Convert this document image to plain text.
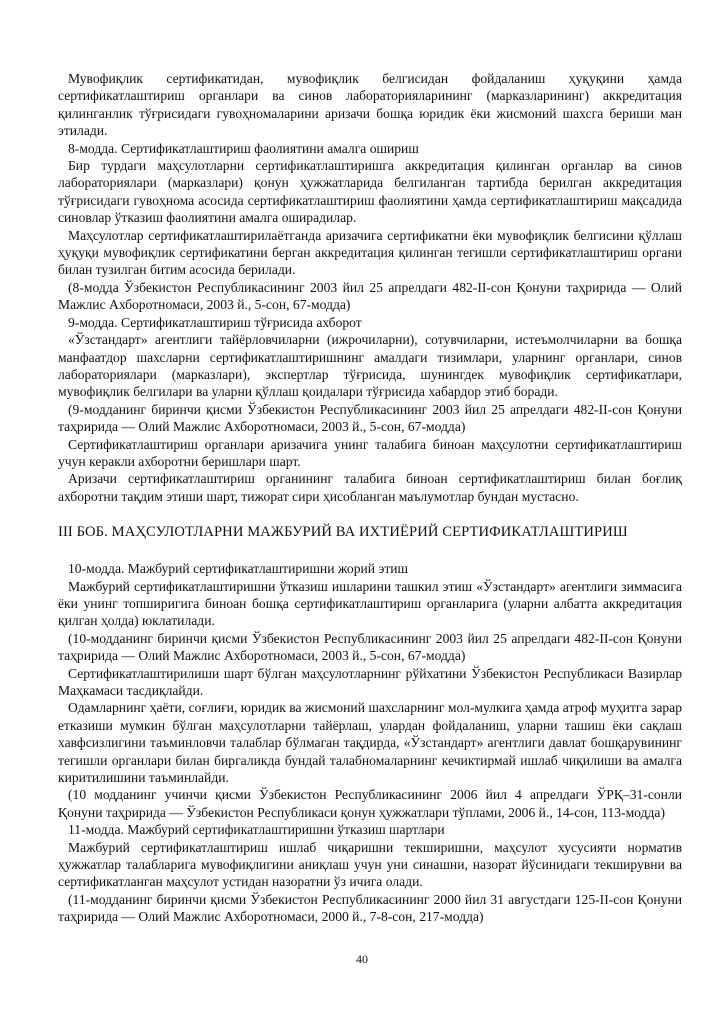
Мувофиқлик сертификатидан, мувофиқлик белгисидан фойдаланиш ҳуқуқини ҳамда сертификатлаштириш органлари ва синов лабораторияларининг (марказларининг) аккредитация қилинганлик тўғрисидаги гувоҳномаларини аризачи бошқа юридик ёки жисмоний шахсга бериши ман этилади.

8-модда. Сертификатлаштириш фаолиятини амалга ошириш

Бир турдаги маҳсулотларни сертификатлаштиришга аккредитация қилинган органлар ва синов лабораториялари (марказлари) қонун ҳужжатларида белгиланган тартибда берилган аккредитация тўғрисидаги гувоҳнома асосида сертификатлаштириш фаолиятини ҳамда сертификатлаштириш мақсадида синовлар ўтказиш фаолиятини амалга оширадилар.

Маҳсулотлар сертификатлаштирилаётганда аризачига сертификатни ёки мувофиқлик белгисини қўллаш ҳуқуқи мувофиқлик сертификатини берган аккредитация қилинган тегишли сертификатлаштириш органи билан тузилган битим асосида берилади.

(8-модда Ўзбекистон Республикасининг 2003 йил 25 апрелдаги 482-II-сон Қонуни таҳририда — Олий Мажлис Ахборотномаси, 2003 й., 5-сон, 67-модда)

9-модда. Сертификатлаштириш тўғрисида ахборот

«Ўзстандарт» агентлиги тайёрловчиларни (ижрочиларни), сотувчиларни, истеъмолчиларни ва бошқа манфаатдор шахсларни сертификатлаштиришнинг амалдаги тизимлари, уларнинг органлари, синов лабораториялари (марказлари), экспертлар тўғрисида, шунингдек мувофиқлик сертификатлари, мувофиқлик белгилари ва уларни қўллаш қоидалари тўғрисида хабардор этиб боради.

(9-модданинг биринчи қисми Ўзбекистон Республикасининг 2003 йил 25 апрелдаги 482-II-сон Қонуни таҳририда — Олий Мажлис Ахборотномаси, 2003 й., 5-сон, 67-модда)

Сертификатлаштириш органлари аризачига унинг талабига биноан маҳсулотни сертификатлаштириш учун керакли ахборотни беришлари шарт.

Аризачи сертификатлаштириш органининг талабига биноан сертификатлаштириш билан боғлиқ ахборотни тақдим этиши шарт, тижорат сири ҳисобланган маълумотлар бундан мустасно.

III БОБ. МАҲСУЛОТЛАРНИ МАЖБУРИЙ ВА ИХТИЁРИЙ СЕРТИФИКАТЛАШТИРИШ

10-модда. Мажбурий сертификатлаштиришни жорий этиш

Мажбурий сертификатлаштиришни ўтказиш ишларини ташкил этиш «Ўзстандарт» агентлиги зиммасига ёки унинг топширигига биноан бошқа сертификатлаштириш органларига (уларни албатта аккредитация қилган ҳолда) юклатилади.

(10-модданинг биринчи қисми Ўзбекистон Республикасининг 2003 йил 25 апрелдаги 482-II-сон Қонуни таҳририда — Олий Мажлис Ахборотномаси, 2003 й., 5-сон, 67-модда)

Сертификатлаштирилиши шарт бўлган маҳсулотларнинг рўйхатини Ўзбекистон Республикаси Вазирлар Маҳкамаси тасдиқлайди.

Одамларнинг ҳаёти, соғлиғи, юридик ва жисмоний шахсларнинг мол-мулкига ҳамда атроф муҳитга зарар етказиши мумкин бўлган маҳсулотларни тайёрлаш, улардан фойдаланиш, уларни ташиш ёки сақлаш хавфсизлигини таъминловчи талаблар бўлмаган тақдирда, «Ўзстандарт» агентлиги давлат бошқарувининг тегишли органлари билан биргаликда бундай талабномаларнинг кечиктирмай ишлаб чиқилиши ва амалга киритилишини таъминлайди.

(10 модданинг учинчи қисми Ўзбекистон Республикасининг 2006 йил 4 апрелдаги ЎРҚ–31-сонли Қонуни таҳририда — Ўзбекистон Республикаси қонун ҳужжатлари тўплами, 2006 й., 14-сон, 113-модда)

11-модда. Мажбурий сертификатлаштиришни ўтказиш шартлари

Мажбурий сертификатлаштириш ишлаб чиқаришни текширишни, маҳсулот хусусияти норматив ҳужжатлар талабларига мувофиқлигини аниқлаш учун уни синашни, назорат йўсинидаги текширувни ва сертификатланган маҳсулот устидан назоратни ўз ичига олади.

(11-модданинг биринчи қисми Ўзбекистон Республикасининг 2000 йил 31 августдаги 125-II-сон Қонуни таҳририда — Олий Мажлис Ахборотномаси, 2000 й., 7-8-сон, 217-модда)

40
